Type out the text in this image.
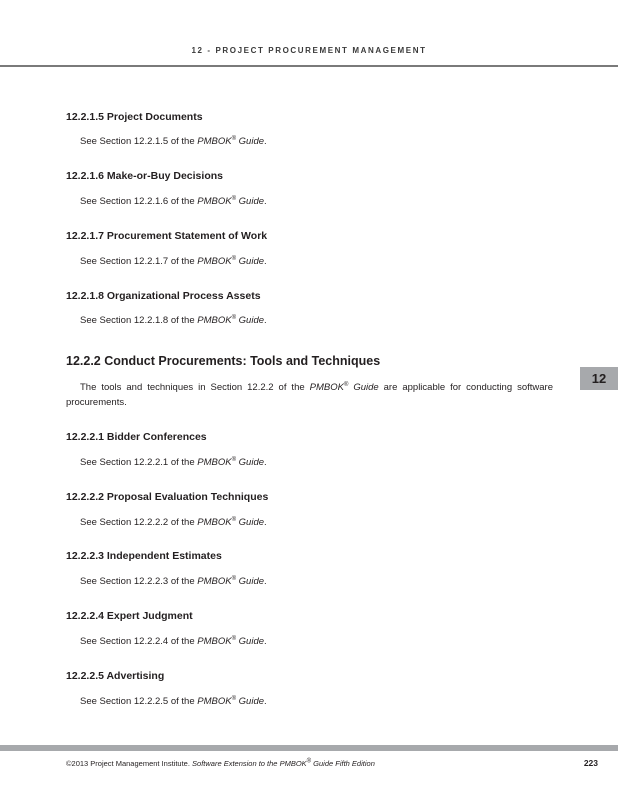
12 - PROJECT PROCUREMENT MANAGEMENT
12
12.2.1.5 Project Documents

See Section 12.2.1.5 of the PMBOK® Guide.

12.2.1.6 Make-or-Buy Decisions

See Section 12.2.1.6 of the PMBOK® Guide.

12.2.1.7 Procurement Statement of Work

See Section 12.2.1.7 of the PMBOK® Guide.

12.2.1.8 Organizational Process Assets

See Section 12.2.1.8 of the PMBOK® Guide.

12.2.2 Conduct Procurements: Tools and Techniques

The tools and techniques in Section 12.2.2 of the PMBOK® Guide are applicable for conducting software procurements.

12.2.2.1 Bidder Conferences

See Section 12.2.2.1 of the PMBOK® Guide.

12.2.2.2 Proposal Evaluation Techniques

See Section 12.2.2.2 of the PMBOK® Guide.

12.2.2.3 Independent Estimates

See Section 12.2.2.3 of the PMBOK® Guide.

12.2.2.4 Expert Judgment

See Section 12.2.2.4 of the PMBOK® Guide.

12.2.2.5 Advertising

See Section 12.2.2.5 of the PMBOK® Guide.

©2013 Project Management Institute. Software Extension to the PMBOK® Guide Fifth Edition	223
